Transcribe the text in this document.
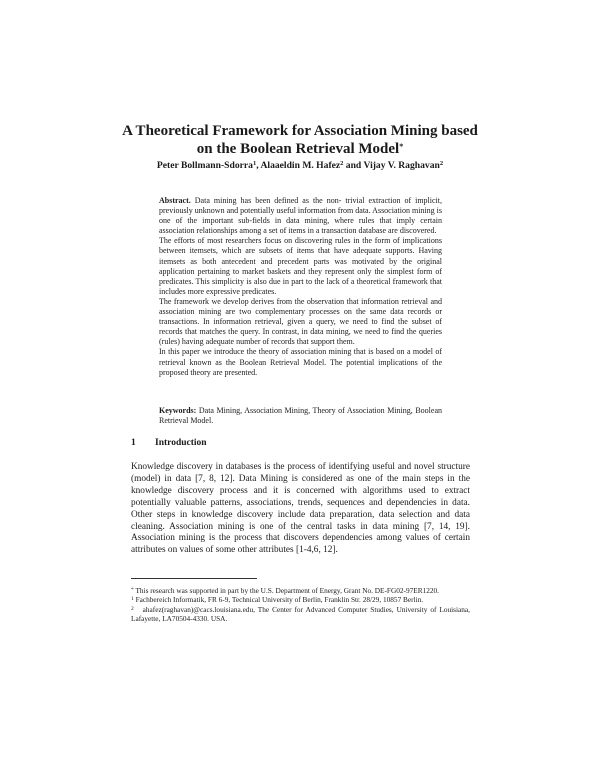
A Theoretical Framework for Association Mining based
on the Boolean Retrieval Model*
Peter Bollmann-Sdorra$^1$, Alaaeldin M. Hafez$^2$ and Vijay V. Raghavan$^2$

Abstract. Data mining has been defined as the non- trivial extraction of implicit, previously unknown and potentially useful information from data. Association mining is one of the important sub-fields in data mining, where rules that imply certain association relationships among a set of items in a transaction database are discovered.

The efforts of most researchers focus on discovering rules in the form of implications between itemsets, which are subsets of items that have adequate supports. Having itemsets as both antecedent and precedent parts was motivated by the original application pertaining to market baskets and they represent only the simplest form of predicates. This simplicity is also due in part to the lack of a theoretical framework that includes more expressive predicates.

The framework we develop derives from the observation that information retrieval and association mining are two complementary processes on the same data records or transactions. In information retrieval, given a query, we need to find the subset of records that matches the query. In contrast, in data mining, we need to find the queries (rules) having adequate number of records that support them.

In this paper we introduce the theory of association mining that is based on a model of retrieval known as the Boolean Retrieval Model. The potential implications of the proposed theory are presented.

Keywords: Data Mining, Association Mining, Theory of Association Mining, Boolean Retrieval Model.
1 Introduction
Knowledge discovery in databases is the process of identifying useful and novel structure (model) in data [7, 8, 12]. Data Mining is considered as one of the main steps in the knowledge discovery process and it is concerned with algorithms used to extract potentially valuable patterns, associations, trends, sequences and dependencies in data. Other steps in knowledge discovery include data preparation, data selection and data cleaning. Association mining is one of the central tasks in data mining [7, 14, 19]. Association mining is the process that discovers dependencies among values of certain attributes on values of some other attributes [1-4,6, 12].
* This research was supported in part by the U.S. Department of Energy, Grant No. DE-FG02-97ER1220.
$^1$ Fachbereich Informatik, FR 6-9, Technical University of Berlin, Franklin Str. 28/29, 10857 Berlin.
$^2$ ahafez(raghavan)@cacs.louisiana.edu, The Center for Advanced Computer Studies, University of Louisiana, Lafayette, LA70504-4330. USA.
